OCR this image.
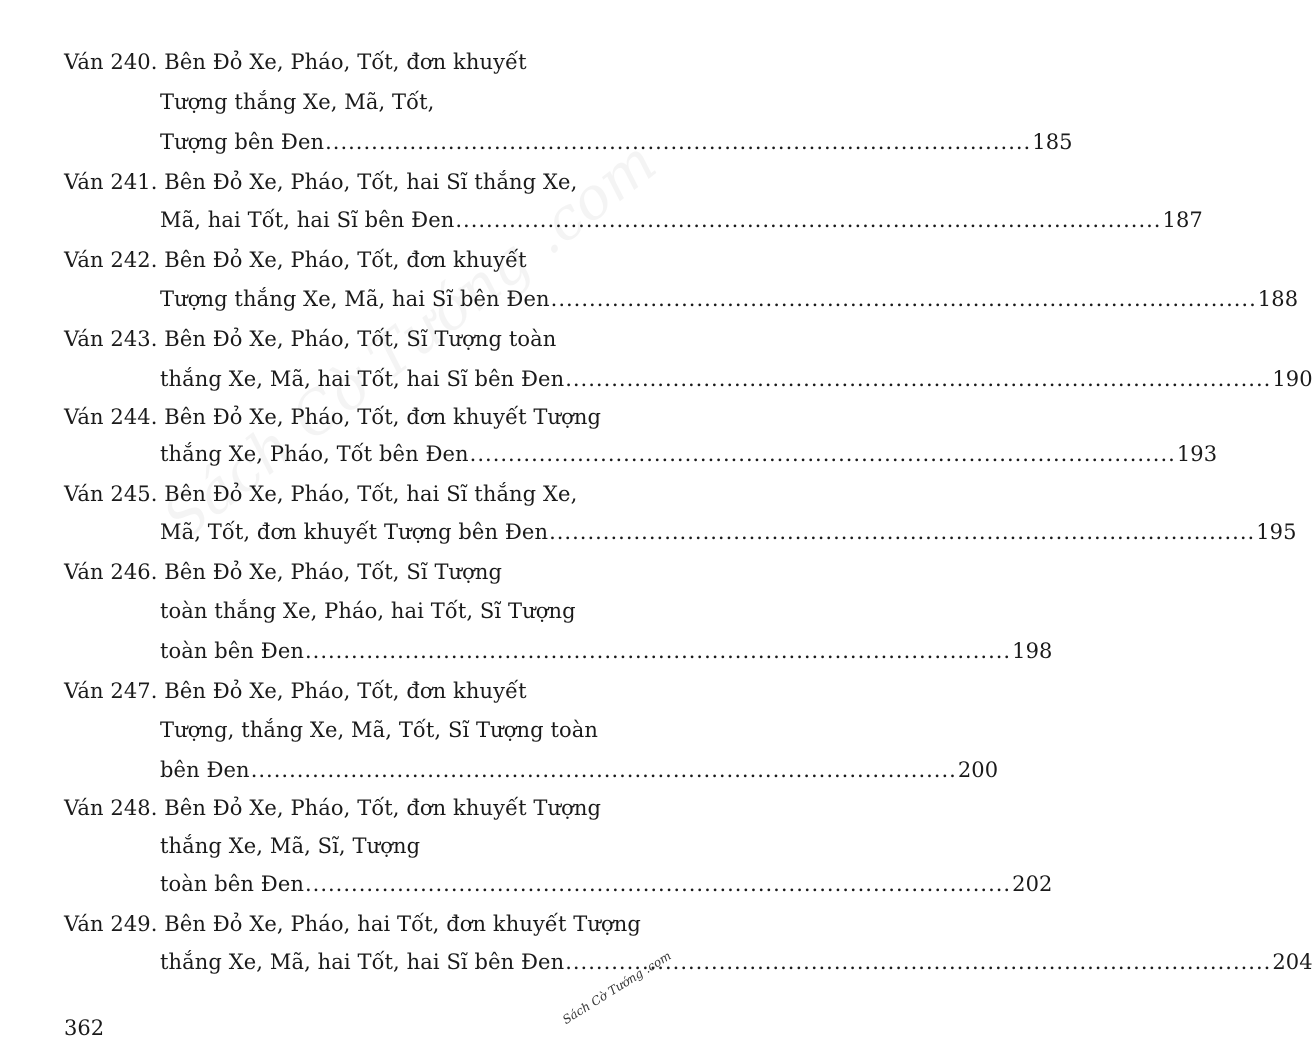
Ván 240. Bên Đỏ Xe, Pháo, Tốt, đơn khuyết
Tượng thắng Xe, Mã, Tốt,
Tượng bên Đen ............................................................................................ 185
Ván 241. Bên Đỏ Xe, Pháo, Tốt, hai Sĩ thắng Xe,
Mã, hai Tốt, hai Sĩ bên Đen ............................................................................................ 187
Ván 242. Bên Đỏ Xe, Pháo, Tốt, đơn khuyết
Tượng thắng Xe, Mã, hai Sĩ bên Đen ............................................................................................ 188
Ván 243. Bên Đỏ Xe, Pháo, Tốt, Sĩ Tượng toàn
thắng Xe, Mã, hai Tốt, hai Sĩ bên Đen ............................................................................................ 190
Ván 244. Bên Đỏ Xe, Pháo, Tốt, đơn khuyết Tượng
thắng Xe, Pháo, Tốt bên Đen ............................................................................................ 193
Ván 245. Bên Đỏ Xe, Pháo, Tốt, hai Sĩ thắng Xe,
Mã, Tốt, đơn khuyết Tượng bên Đen ............................................................................................ 195
Ván 246. Bên Đỏ Xe, Pháo, Tốt, Sĩ Tượng
toàn thắng Xe, Pháo, hai Tốt, Sĩ Tượng
toàn bên Đen ............................................................................................ 198
Ván 247. Bên Đỏ Xe, Pháo, Tốt, đơn khuyết
Tượng, thắng Xe, Mã, Tốt, Sĩ Tượng toàn
bên Đen ............................................................................................ 200
Ván 248. Bên Đỏ Xe, Pháo, Tốt, đơn khuyết Tượng
thắng Xe, Mã, Sĩ, Tượng
toàn bên Đen ............................................................................................ 202
Ván 249. Bên Đỏ Xe, Pháo, hai Tốt, đơn khuyết Tượng
thắng Xe, Mã, hai Tốt, hai Sĩ bên Đen ............................................................................................ 204
362
Sách Cờ Tướng .com
